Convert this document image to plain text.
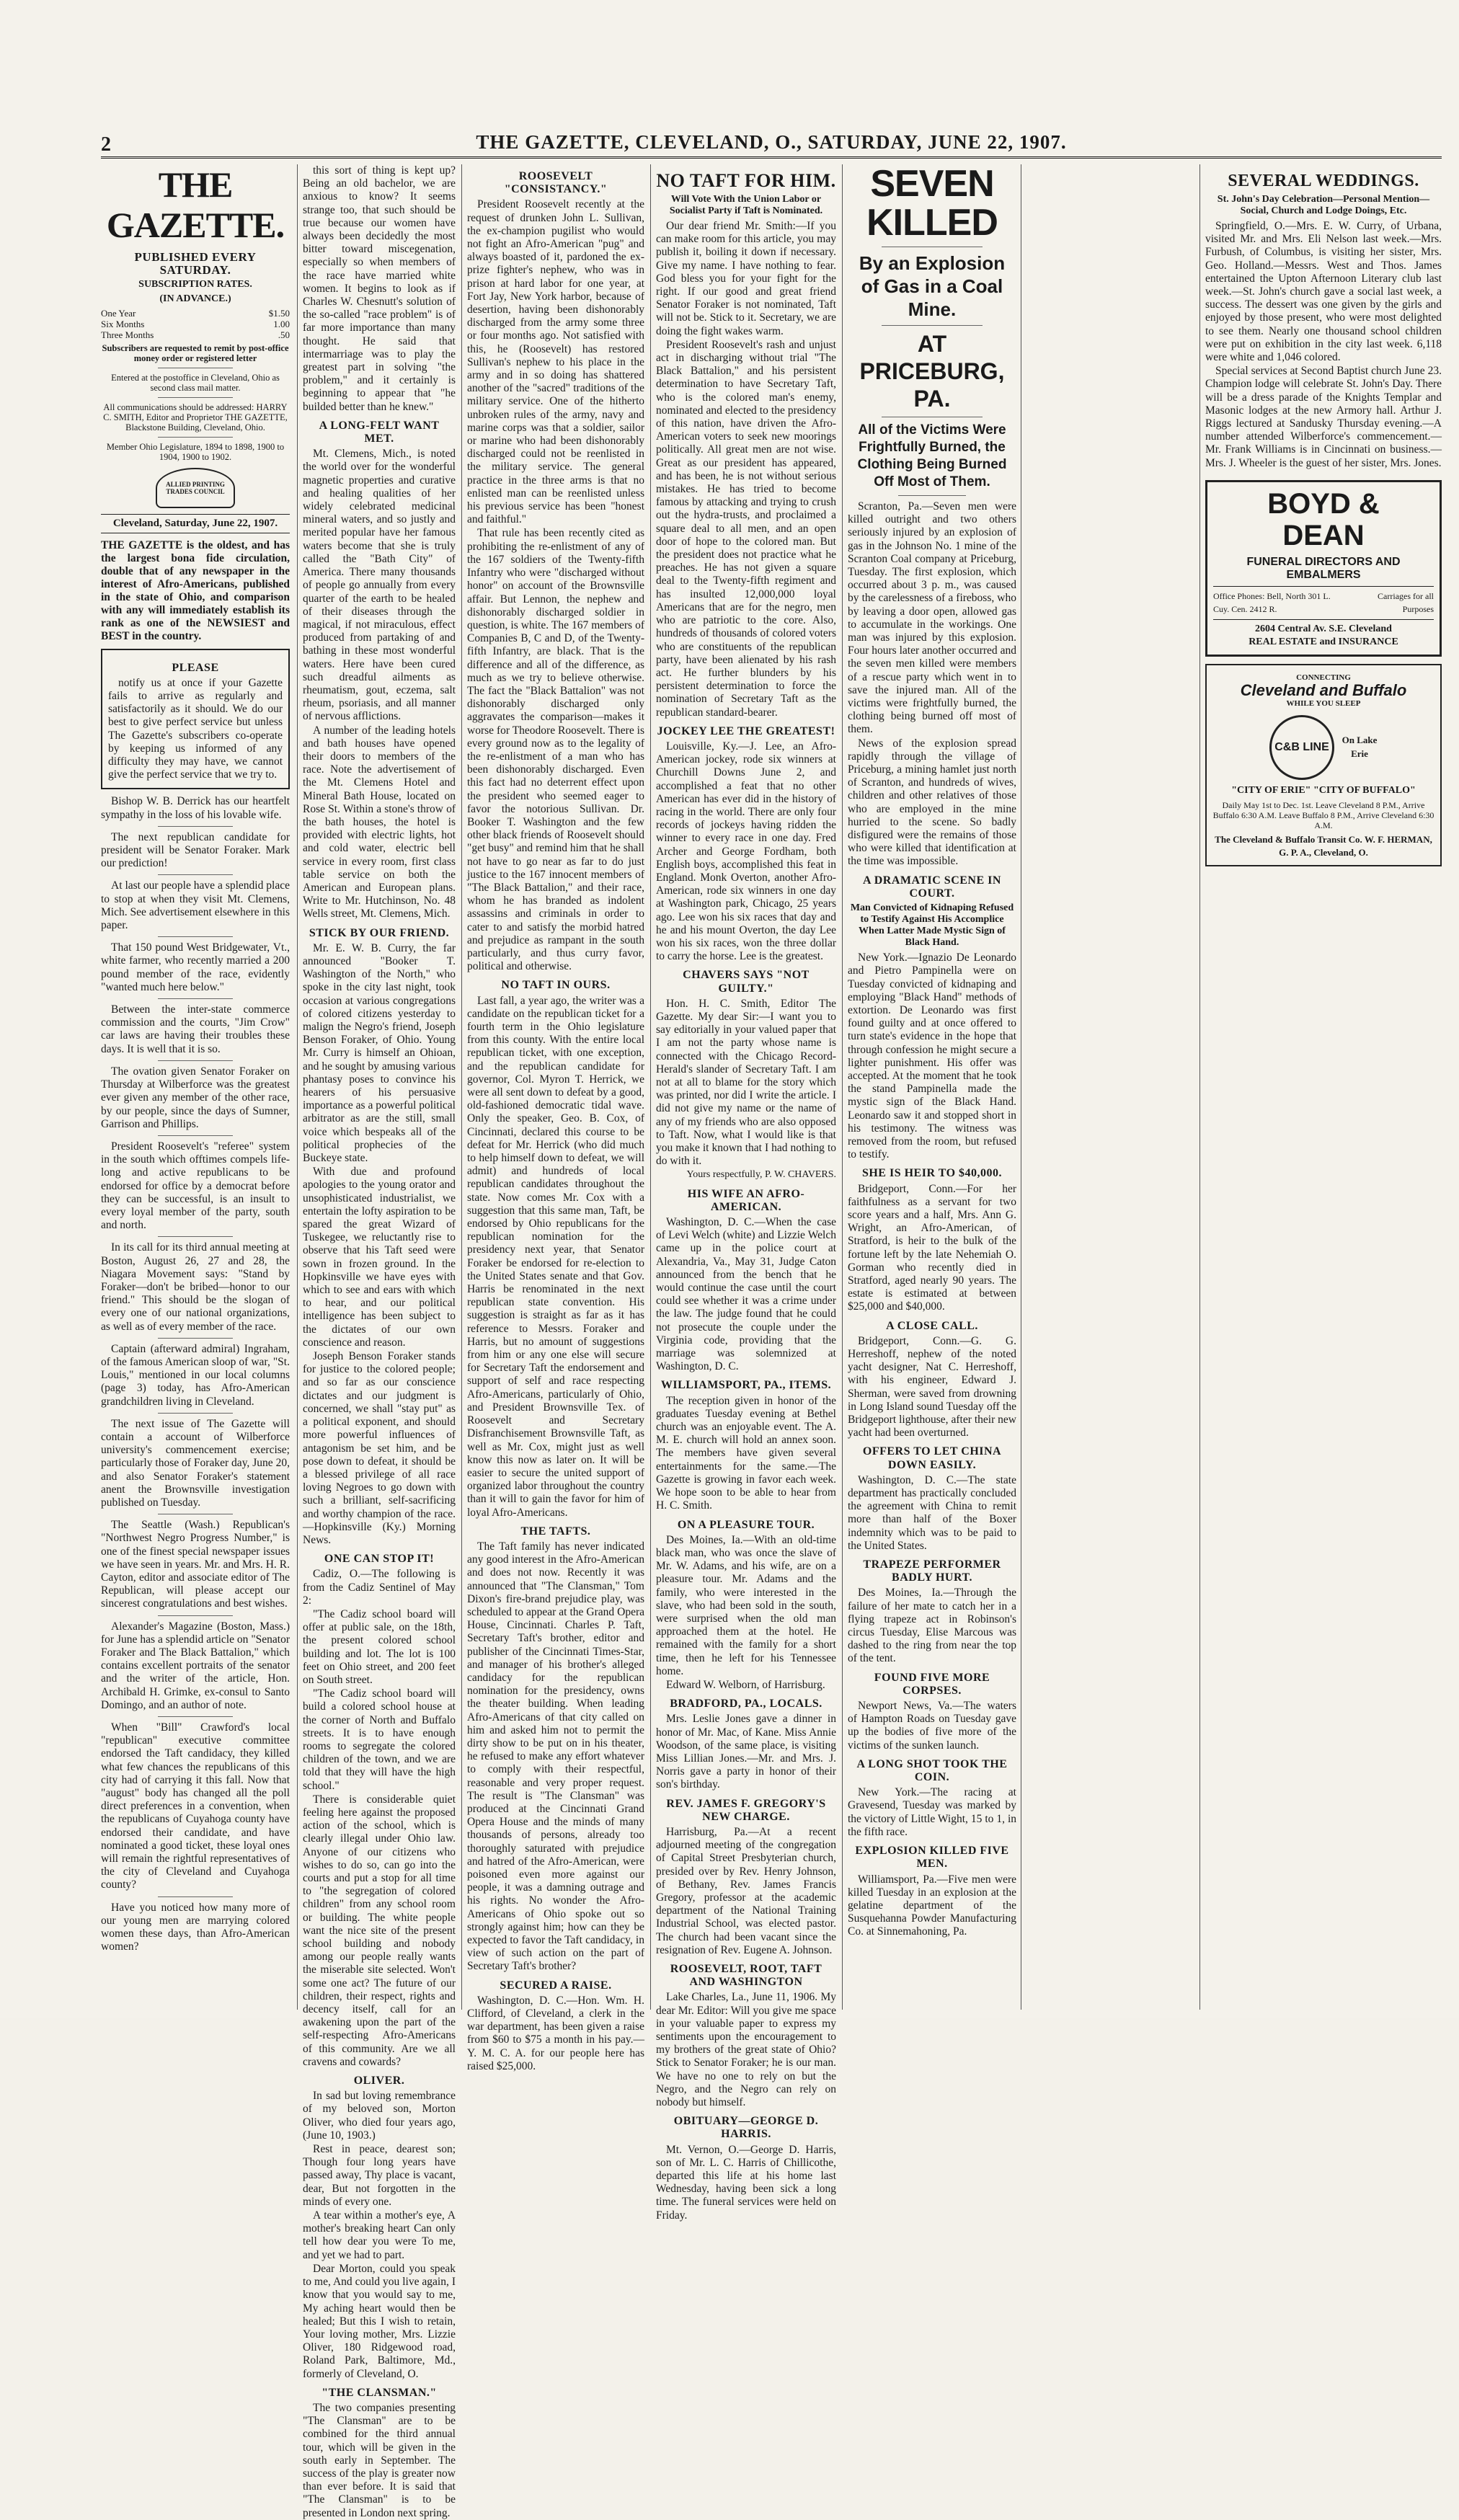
2	THE GAZETTE, CLEVELAND, O., SATURDAY, JUNE 22, 1907.
THE GAZETTE.
PUBLISHED EVERY SATURDAY.
SUBSCRIPTION RATES.
(IN ADVANCE.)
One Year	$1.50
Six Months	1.00
Three Months	.50
Subscribers are requested to remit by post-office money order or registered letter
Entered at the postoffice in Cleveland, Ohio as second class mail matter.
All communications should be addressed: HARRY C. SMITH, Editor and Proprietor THE GAZETTE, Blackstone Building, Cleveland, Ohio.
Member Ohio Legislature, 1894 to 1898, 1900 to 1904, 1900 to 1902.
ALLIED PRINTING TRADES COUNCIL
Cleveland, Saturday, June 22, 1907.
THE GAZETTE is the oldest, and has the largest bona fide circulation, double that of any newspaper in the interest of Afro-Americans, published in the state of Ohio, and comparison with any will immediately establish its rank as one of the NEWSIEST and BEST in the country.
PLEASE

notify us at once if your Gazette fails to arrive as regularly and satisfactorily as it should. We do our best to give perfect service but unless The Gazette's subscribers co-operate by keeping us informed of any difficulty they may have, we cannot give the perfect service that we try to.

Bishop W. B. Derrick has our heartfelt sympathy in the loss of his lovable wife.

The next republican candidate for president will be Senator Foraker. Mark our prediction!

At last our people have a splendid place to stop at when they visit Mt. Clemens, Mich. See advertisement elsewhere in this paper.

That 150 pound West Bridgewater, Vt., white farmer, who recently married a 200 pound member of the race, evidently "wanted much here below."

Between the inter-state commerce commission and the courts, "Jim Crow" car laws are having their troubles these days. It is well that it is so.

The ovation given Senator Foraker on Thursday at Wilberforce was the greatest ever given any member of the other race, by our people, since the days of Sumner, Garrison and Phillips.

President Roosevelt's "referee" system in the south which offtimes compels life-long and active republicans to be endorsed for office by a democrat before they can be successful, is an insult to every loyal member of the party, south and north.

In its call for its third annual meeting at Boston, August 26, 27 and 28, the Niagara Movement says: "Stand by Foraker—don't be bribed—honor to our friend." This should be the slogan of every one of our national organizations, as well as of every member of the race.

Captain (afterward admiral) Ingraham, of the famous American sloop of war, "St. Louis," mentioned in our local columns (page 3) today, has Afro-American grandchildren living in Cleveland.

The next issue of The Gazette will contain a account of Wilberforce university's commencement exercise; particularly those of Foraker day, June 20, and also Senator Foraker's statement anent the Brownsville investigation published on Tuesday.

The Seattle (Wash.) Republican's "Northwest Negro Progress Number," is one of the finest special newspaper issues we have seen in years. Mr. and Mrs. H. R. Cayton, editor and associate editor of The Republican, will please accept our sincerest congratulations and best wishes.

Alexander's Magazine (Boston, Mass.) for June has a splendid article on "Senator Foraker and The Black Battalion," which contains excellent portraits of the senator and the writer of the article, Hon. Archibald H. Grimke, ex-consul to Santo Domingo, and an author of note.

When "Bill" Crawford's local "republican" executive committee endorsed the Taft candidacy, they killed what few chances the republicans of this city had of carrying it this fall. Now that "august" body has changed all the poll direct preferences in a convention, when the republicans of Cuyahoga county have endorsed their candidate, and have nominated a good ticket, these loyal ones will remain the rightful representatives of the city of Cleveland and Cuyahoga county?

Have you noticed how many more of our young men are marrying colored women these days, than Afro-American women?

this sort of thing is kept up? Being an old bachelor, we are anxious to know? It seems strange too, that such should be true because our women have always been decidedly the most bitter toward miscegenation, especially so when members of the race have married white women. It begins to look as if Charles W. Chesnutt's solution of the so-called "race problem" is of far more importance than many thought. He said that intermarriage was to play the greatest part in solving "the problem," and it certainly is beginning to appear that "he builded better than he knew."

A LONG-FELT WANT MET.

Mt. Clemens, Mich., is noted the world over for the wonderful magnetic properties and curative and healing qualities of her widely celebrated medicinal mineral waters, and so justly and merited popular have her famous waters become that she is truly called the "Bath City" of America. There many thousands of people go annually from every quarter of the earth to be healed of their diseases through the magical, if not miraculous, effect produced from partaking of and bathing in these most wonderful waters. Here have been cured such dreadful ailments as rheumatism, gout, eczema, salt rheum, psoriasis, and all manner of nervous afflictions.

A number of the leading hotels and bath houses have opened their doors to members of the race. Note the advertisement of the Mt. Clemens Hotel and Mineral Bath House, located on Rose St. Within a stone's throw of the bath houses, the hotel is provided with electric lights, hot and cold water, electric bell service in every room, first class table service on both the American and European plans. Write to Mr. Hutchinson, No. 48 Wells street, Mt. Clemens, Mich.

STICK BY OUR FRIEND.

Mr. E. W. B. Curry, the far announced "Booker T. Washington of the North," who spoke in the city last night, took occasion at various congregations of colored citizens yesterday to malign the Negro's friend, Joseph Benson Foraker, of Ohio. Young Mr. Curry is himself an Ohioan, and he sought by amusing various phantasy poses to convince his hearers of his persuasive importance as a powerful political arbitrator as are the still, small voice which bespeaks all of the political prophecies of the Buckeye state.

With due and profound apologies to the young orator and unsophisticated industrialist, we entertain the lofty aspiration to be spared the great Wizard of Tuskegee, we reluctantly rise to observe that his Taft seed were sown in frozen ground. In the Hopkinsville we have eyes with which to see and ears with which to hear, and our political intelligence has been subject to the dictates of our own conscience and reason.

Joseph Benson Foraker stands for justice to the colored people; and so far as our conscience dictates and our judgment is concerned, we shall "stay put" as a political exponent, and should more powerful influences of antagonism be set him, and be pose down to defeat, it should be a blessed privilege of all race loving Negroes to go down with such a brilliant, self-sacrificing and worthy champion of the race.—Hopkinsville (Ky.) Morning News.

ONE CAN STOP IT!

Cadiz, O.—The following is from the Cadiz Sentinel of May 2:

"The Cadiz school board will offer at public sale, on the 18th, the present colored school building and lot. The lot is 100 feet on Ohio street, and 200 feet on South street.

"The Cadiz school board will build a colored school house at the corner of North and Buffalo streets. It is to have enough rooms to segregate the colored children of the town, and we are told that they will have the high school."

There is considerable quiet feeling here against the proposed action of the school, which is clearly illegal under Ohio law. Anyone of our citizens who wishes to do so, can go into the courts and put a stop for all time to "the segregation of colored children" from any school room or building. The white people want the nice site of the present school building and nobody among our people really wants the miserable site selected. Won't some one act? The future of our children, their respect, rights and decency itself, call for an awakening upon the part of the self-respecting Afro-Americans of this community. Are we all cravens and cowards?

OLIVER.

In sad but loving remembrance of my beloved son, Morton Oliver, who died four years ago, (June 10, 1903.)

Rest in peace, dearest son; Though four long years have passed away, Thy place is vacant, dear, But not forgotten in the minds of every one.

A tear within a mother's eye, A mother's breaking heart Can only tell how dear you were To me, and yet we had to part.

Dear Morton, could you speak to me, And could you live again, I know that you would say to me, My aching heart would then be healed; But this I wish to retain, Your loving mother, Mrs. Lizzie Oliver, 180 Ridgewood road, Roland Park, Baltimore, Md., formerly of Cleveland, O.

"THE CLANSMAN."

The two companies presenting "The Clansman" are to be combined for the third annual tour, which will be given in the south early in September. The success of the play is greater now than ever before. It is said that "The Clansman" is to be presented in London next spring.

ROOSEVELT "CONSISTANCY."

President Roosevelt recently at the request of drunken John L. Sullivan, the ex-champion pugilist who would not fight an Afro-American "pug" and always boasted of it, pardoned the ex-prize fighter's nephew, who was in prison at hard labor for one year, at Fort Jay, New York harbor, because of desertion, having been dishonorably discharged from the army some three or four months ago. Not satisfied with this, he (Roosevelt) has restored Sullivan's nephew to his place in the army and in so doing has shattered another of the "sacred" traditions of the military service. One of the hitherto unbroken rules of the army, navy and marine corps was that a soldier, sailor or marine who had been dishonorably discharged could not be reenlisted in the military service. The general practice in the three arms is that no enlisted man can be reenlisted unless his previous service has been "honest and faithful."

That rule has been recently cited as prohibiting the re-enlistment of any of the 167 soldiers of the Twenty-fifth Infantry who were "discharged without honor" on account of the Brownsville affair. But Lennon, the nephew and dishonorably discharged soldier in question, is white. The 167 members of Companies B, C and D, of the Twenty-fifth Infantry, are black. That is the difference and all of the difference, as much as we try to believe otherwise. The fact the "Black Battalion" was not dishonorably discharged only aggravates the comparison—makes it worse for Theodore Roosevelt. There is every ground now as to the legality of the re-enlistment of a man who has been dishonorably discharged. Even this fact had no deterrent effect upon the president who seemed eager to favor the notorious Sullivan. Dr. Booker T. Washington and the few other black friends of Roosevelt should "get busy" and remind him that he shall not have to go near as far to do just justice to the 167 innocent members of "The Black Battalion," and their race, whom he has branded as indolent assassins and criminals in order to cater to and satisfy the morbid hatred and prejudice as rampant in the south particularly, and thus curry favor, political and otherwise.

NO TAFT IN OURS.

Last fall, a year ago, the writer was a candidate on the republican ticket for a fourth term in the Ohio legislature from this county. With the entire local republican ticket, with one exception, and the republican candidate for governor, Col. Myron T. Herrick, we were all sent down to defeat by a good, old-fashioned democratic tidal wave. Only the speaker, Geo. B. Cox, of Cincinnati, declared this course to be defeat for Mr. Herrick (who did much to help himself down to defeat, we will admit) and hundreds of local republican candidates throughout the state. Now comes Mr. Cox with a suggestion that this same man, Taft, be endorsed by Ohio republicans for the republican nomination for the presidency next year, that Senator Foraker be endorsed for re-election to the United States senate and that Gov. Harris be renominated in the next republican state convention. His suggestion is straight as far as it has reference to Messrs. Foraker and Harris, but no amount of suggestions from him or any one else will secure for Secretary Taft the endorsement and support of self and race respecting Afro-Americans, particularly of Ohio, and President Brownsville Tex. of Roosevelt and Secretary Disfranchisement Brownsville Taft, as well as Mr. Cox, might just as well know this now as later on. It will be easier to secure the united support of organized labor throughout the country than it will to gain the favor for him of loyal Afro-Americans.

THE TAFTS.

The Taft family has never indicated any good interest in the Afro-American and does not now. Recently it was announced that "The Clansman," Tom Dixon's fire-brand prejudice play, was scheduled to appear at the Grand Opera House, Cincinnati. Charles P. Taft, Secretary Taft's brother, editor and publisher of the Cincinnati Times-Star, and manager of his brother's alleged candidacy for the republican nomination for the presidency, owns the theater building. When leading Afro-Americans of that city called on him and asked him not to permit the dirty show to be put on in his theater, he refused to make any effort whatever to comply with their respectful, reasonable and very proper request. The result is "The Clansman" was produced at the Cincinnati Grand Opera House and the minds of many thousands of persons, already too thoroughly saturated with prejudice and hatred of the Afro-American, were poisoned even more against our people, it was a damning outrage and his rights. No wonder the Afro-Americans of Ohio spoke out so strongly against him; how can they be expected to favor the Taft candidacy, in view of such action on the part of Secretary Taft's brother?

SECURED A RAISE.

Washington, D. C.—Hon. Wm. H. Clifford, of Cleveland, a clerk in the war department, has been given a raise from $60 to $75 a month in his pay.—Y. M. C. A. for our people here has raised $25,000.

NO TAFT FOR HIM.
Will Vote With the Union Labor or Socialist Party if Taft is Nominated.

Our dear friend Mr. Smith:—If you can make room for this article, you may publish it, boiling it down if necessary. Give my name. I have nothing to fear. God bless you for your fight for the right. If our good and great friend Senator Foraker is not nominated, Taft will not be. Stick to it. Secretary, we are doing the fight wakes warm.

President Roosevelt's rash and unjust act in discharging without trial "The Black Battalion," and his persistent determination to have Secretary Taft, who is the colored man's enemy, nominated and elected to the presidency of this nation, have driven the Afro-American voters to seek new moorings politically. All great men are not wise. Great as our president has appeared, and has been, he is not without serious mistakes. He has tried to become famous by attacking and trying to crush out the hydra-trusts, and proclaimed a square deal to all men, and an open door of hope to the colored man. But the president does not practice what he preaches. He has not given a square deal to the Twenty-fifth regiment and has insulted 12,000,000 loyal Americans that are for the negro, men who are patriotic to the core. Also, hundreds of thousands of colored voters who are constituents of the republican party, have been alienated by his rash act. He further blunders by his persistent determination to force the nomination of Secretary Taft as the republican standard-bearer.

JOCKEY LEE THE GREATEST!

Louisville, Ky.—J. Lee, an Afro-American jockey, rode six winners at Churchill Downs June 2, and accomplished a feat that no other American has ever did in the history of racing in the world. There are only four records of jockeys having ridden the winner to every race in one day. Fred Archer and George Fordham, both English boys, accomplished this feat in England. Monk Overton, another Afro-American, rode six winners in one day at Washington park, Chicago, 25 years ago. Lee won his six races that day and he and his mount Overton, the day Lee won his six races, won the three dollar to carry the horse. Lee is the greatest.

CHAVERS SAYS "NOT GUILTY."

Hon. H. C. Smith, Editor The Gazette. My dear Sir:—I want you to say editorially in your valued paper that I am not the party whose name is connected with the Chicago Record-Herald's slander of Secretary Taft. I am not at all to blame for the story which was printed, nor did I write the article. I did not give my name or the name of any of my friends who are also opposed to Taft. Now, what I would like is that you make it known that I had nothing to do with it.

Yours respectfully, P. W. CHAVERS.
HIS WIFE AN AFRO-AMERICAN.

Washington, D. C.—When the case of Levi Welch (white) and Lizzie Welch came up in the police court at Alexandria, Va., May 31, Judge Caton announced from the bench that he would continue the case until the court could see whether it was a crime under the law. The judge found that he could not prosecute the couple under the Virginia code, providing that the marriage was solemnized at Washington, D. C.

WILLIAMSPORT, PA., ITEMS.

The reception given in honor of the graduates Tuesday evening at Bethel church was an enjoyable event. The A. M. E. church will hold an annex soon. The members have given several entertainments for the same.—The Gazette is growing in favor each week. We hope soon to be able to hear from H. C. Smith.

ON A PLEASURE TOUR.

Des Moines, Ia.—With an old-time black man, who was once the slave of Mr. W. Adams, and his wife, are on a pleasure tour. Mr. Adams and the family, who were interested in the slave, who had been sold in the south, were surprised when the old man approached them at the hotel. He remained with the family for a short time, then he left for his Tennessee home.

Edward W. Welborn, of Harrisburg.

BRADFORD, PA., LOCALS.

Mrs. Leslie Jones gave a dinner in honor of Mr. Mac, of Kane. Miss Annie Woodson, of the same place, is visiting Miss Lillian Jones.—Mr. and Mrs. J. Norris gave a party in honor of their son's birthday.

REV. JAMES F. GREGORY'S NEW CHARGE.

Harrisburg, Pa.—At a recent adjourned meeting of the congregation of Capital Street Presbyterian church, presided over by Rev. Henry Johnson, of Bethany, Rev. James Francis Gregory, professor at the academic department of the National Training Industrial School, was elected pastor. The church had been vacant since the resignation of Rev. Eugene A. Johnson.

ROOSEVELT, ROOT, TAFT AND WASHINGTON

Lake Charles, La., June 11, 1906. My dear Mr. Editor: Will you give me space in your valuable paper to express my sentiments upon the encouragement to my brothers of the great state of Ohio? Stick to Senator Foraker; he is our man. We have no one to rely on but the Negro, and the Negro can rely on nobody but himself.

OBITUARY—GEORGE D. HARRIS.

Mt. Vernon, O.—George D. Harris, son of Mr. L. C. Harris of Chillicothe, departed this life at his home last Wednesday, having been sick a long time. The funeral services were held on Friday.

SEVEN KILLED
By an Explosion of Gas in a Coal Mine.
AT PRICEBURG, PA.
All of the Victims Were Frightfully Burned, the Clothing Being Burned Off Most of Them.

Scranton, Pa.—Seven men were killed outright and two others seriously injured by an explosion of gas in the Johnson No. 1 mine of the Scranton Coal company at Priceburg, Tuesday. The first explosion, which occurred about 3 p. m., was caused by the carelessness of a fireboss, who by leaving a door open, allowed gas to accumulate in the workings. One man was injured by this explosion. Four hours later another occurred and the seven men killed were members of a rescue party which went in to save the injured man. All of the victims were frightfully burned, the clothing being burned off most of them.

News of the explosion spread rapidly through the village of Priceburg, a mining hamlet just north of Scranton, and hundreds of wives, children and other relatives of those who are employed in the mine hurried to the scene. So badly disfigured were the remains of those who were killed that identification at the time was impossible.

A DRAMATIC SCENE IN COURT.
Man Convicted of Kidnaping Refused to Testify Against His Accomplice When Latter Made Mystic Sign of Black Hand.

New York.—Ignazio De Leonardo and Pietro Pampinella were on Tuesday convicted of kidnaping and employing "Black Hand" methods of extortion. De Leonardo was first found guilty and at once offered to turn state's evidence in the hope that through confession he might secure a lighter punishment. His offer was accepted. At the moment that he took the stand Pampinella made the mystic sign of the Black Hand. Leonardo saw it and stopped short in his testimony. The witness was removed from the room, but refused to testify.

SHE IS HEIR TO $40,000.

Bridgeport, Conn.—For her faithfulness as a servant for two score years and a half, Mrs. Ann G. Wright, an Afro-American, of Stratford, is heir to the bulk of the fortune left by the late Nehemiah O. Gorman who recently died in Stratford, aged nearly 90 years. The estate is estimated at between $25,000 and $40,000.

A CLOSE CALL.

Bridgeport, Conn.—G. G. Herreshoff, nephew of the noted yacht designer, Nat C. Herreshoff, with his engineer, Edward J. Sherman, were saved from drowning in Long Island sound Tuesday off the Bridgeport lighthouse, after their new yacht had been overturned.

OFFERS TO LET CHINA DOWN EASILY.

Washington, D. C.—The state department has practically concluded the agreement with China to remit more than half of the Boxer indemnity which was to be paid to the United States.

TRAPEZE PERFORMER BADLY HURT.

Des Moines, Ia.—Through the failure of her mate to catch her in a flying trapeze act in Robinson's circus Tuesday, Elise Marcous was dashed to the ring from near the top of the tent.

FOUND FIVE MORE CORPSES.

Newport News, Va.—The waters of Hampton Roads on Tuesday gave up the bodies of five more of the victims of the sunken launch.

A LONG SHOT TOOK THE COIN.

New York.—The racing at Gravesend, Tuesday was marked by the victory of Little Wight, 15 to 1, in the fifth race.

EXPLOSION KILLED FIVE MEN.

Williamsport, Pa.—Five men were killed Tuesday in an explosion at the gelatine department of the Susquehanna Powder Manufacturing Co. at Sinnemahoning, Pa.

SEVERAL WEDDINGS.
St. John's Day Celebration—Personal Mention—Social, Church and Lodge Doings, Etc.

Springfield, O.—Mrs. E. W. Curry, of Urbana, visited Mr. and Mrs. Eli Nelson last week.—Mrs. Furbush, of Columbus, is visiting her sister, Mrs. Geo. Holland.—Messrs. West and Thos. James entertained the Upton Afternoon Literary club last week.—St. John's church gave a social last week, a success. The dessert was one given by the girls and enjoyed by those present, who were most delighted to see them. Nearly one thousand school children were put on exhibition in the city last week. 6,118 were white and 1,046 colored.

Special services at Second Baptist church June 23. Champion lodge will celebrate St. John's Day. There will be a dress parade of the Knights Templar and Masonic lodges at the new Armory hall. Arthur J. Riggs lectured at Sandusky Thursday evening.—A number attended Wilberforce's commencement.—Mr. Frank Williams is in Cincinnati on business.—Mrs. J. Wheeler is the guest of her sister, Mrs. Jones.

BOYD &
DEAN
FUNERAL DIRECTORS AND EMBALMERS
Office Phones: Bell, North 301 L. Cuy. Cen. 2412 R.
Carriages for all Purposes
2604 Central Av. S.E. Cleveland
REAL ESTATE and INSURANCE
CONNECTING
Cleveland and Buffalo
WHILE YOU SLEEP
C&B LINE
On Lake Erie
"CITY OF ERIE" "CITY OF BUFFALO"
Daily May 1st to Dec. 1st. Leave Cleveland 8 P.M., Arrive Buffalo 6:30 A.M. Leave Buffalo 8 P.M., Arrive Cleveland 6:30 A.M.
The Cleveland & Buffalo Transit Co. W. F. HERMAN, G. P. A., Cleveland, O.
